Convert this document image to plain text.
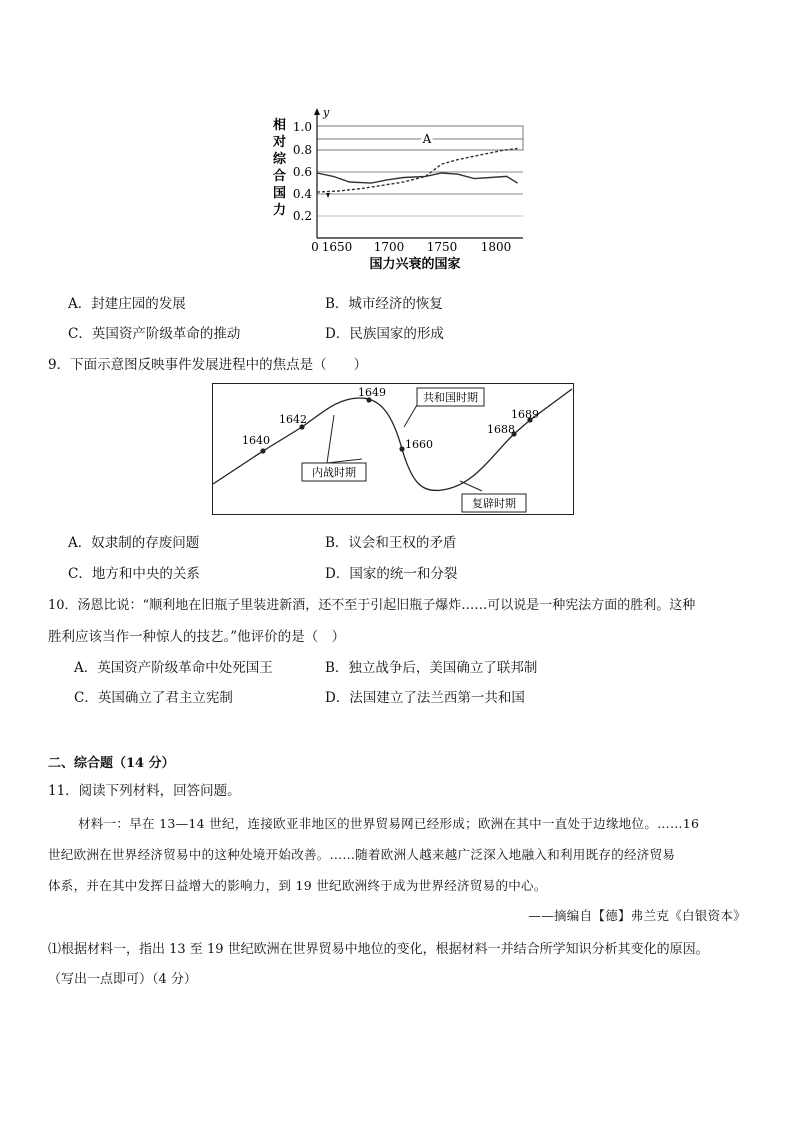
相
对
综
合
国
力
A
y
1.0
0.8
0.6
0.4
0.2
0 1650 1700 1750 1800
国力兴衰的国家
A．封建庄园的发展	B．城市经济的恢复
C．英国资产阶级革命的推动	D．民族国家的形成
9．下面示意图反映事件发展进程中的焦点是（　　）
1640
1642
1649
1660
1688
1689
共和国时期
内战时期
复辟时期
A．奴隶制的存废问题	B．议会和王权的矛盾
C．地方和中央的关系	D．国家的统一和分裂
10．汤恩比说：“顺利地在旧瓶子里装进新酒，还不至于引起旧瓶子爆炸……可以说是一种宪法方面的胜利。这种
胜利应该当作一种惊人的技艺。”他评价的是（　）
A．英国资产阶级革命中处死国王	B．独立战争后，美国确立了联邦制
C．英国确立了君主立宪制	D．法国建立了法兰西第一共和国
二、综合题（14 分）
11．阅读下列材料，回答问题。
材料一：早在 13—14 世纪，连接欧亚非地区的世界贸易网已经形成；欧洲在其中一直处于边缘地位。……16
世纪欧洲在世界经济贸易中的这种处境开始改善。……随着欧洲人越来越广泛深入地融入和利用既存的经济贸易
体系，并在其中发挥日益增大的影响力，到 19 世纪欧洲终于成为世界经济贸易的中心。
——摘编自【德】弗兰克《白银资本》
⑴根据材料一，指出 13 至 19 世纪欧洲在世界贸易中地位的变化，根据材料一并结合所学知识分析其变化的原因。
（写出一点即可）（4 分）
